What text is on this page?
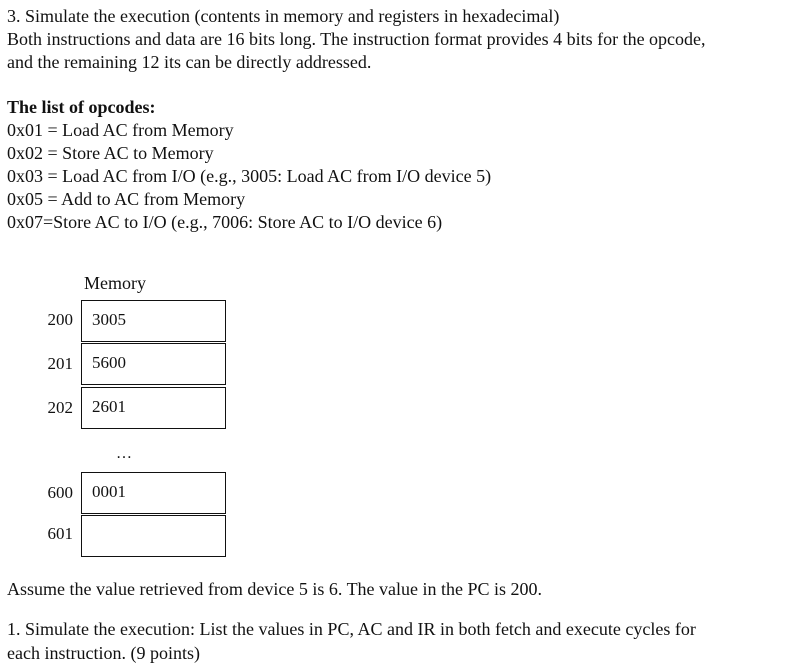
3. Simulate the execution (contents in memory and registers in hexadecimal)
Both instructions and data are 16 bits long. The instruction format provides 4 bits for the opcode,
and the remaining 12 its can be directly addressed.
The list of opcodes:
0x01 = Load AC from Memory
0x02 = Store AC to Memory
0x03 = Load AC from I/O (e.g., 3005: Load AC from I/O device 5)
0x05 = Add to AC from Memory
0x07=Store AC to I/O (e.g., 7006: Store AC to I/O device 6)
Memory
200	3005
201	5600
202	2601
…
600	0001
601
Assume the value retrieved from device 5 is 6. The value in the PC is 200.
1. Simulate the execution: List the values in PC, AC and IR in both fetch and execute cycles for
each instruction. (9 points)
